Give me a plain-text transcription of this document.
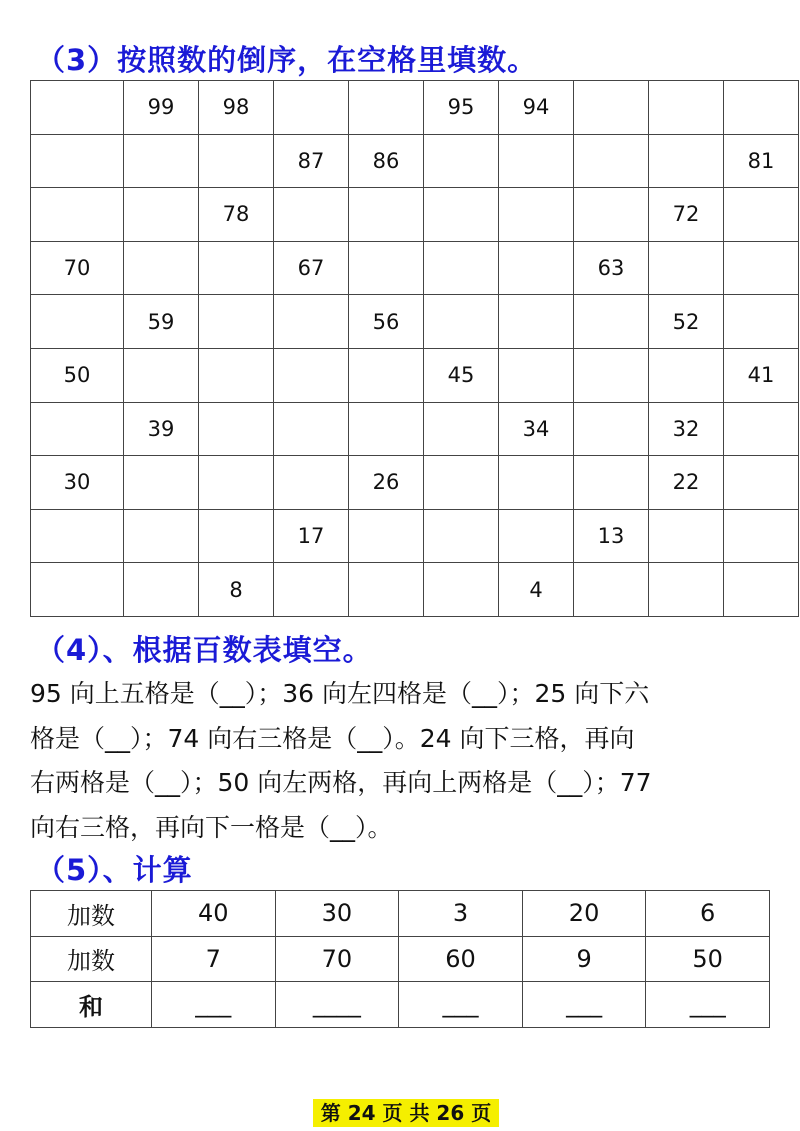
（3）按照数的倒序，在空格里填数。
	99	98			95	94			
			87	86					81
		78						72	
70			67				63		
	59			56				52	
50					45				41
	39					34		32	
30				26				22	
			17				13		
		8				4			
（4）、根据百数表填空。
95 向上五格是（__）；36 向左四格是（__）；25 向下六
格是（__）；74 向右三格是（__）。24 向下三格，再向
右两格是（__）；50 向左两格，再向上两格是（__）；77
向右三格，再向下一格是（__）。
（5）、计算
加数	40	30	3	20	6
加数	7	70	60	9	50
和	___	____	___	___	___
第 24 页 共 26 页
